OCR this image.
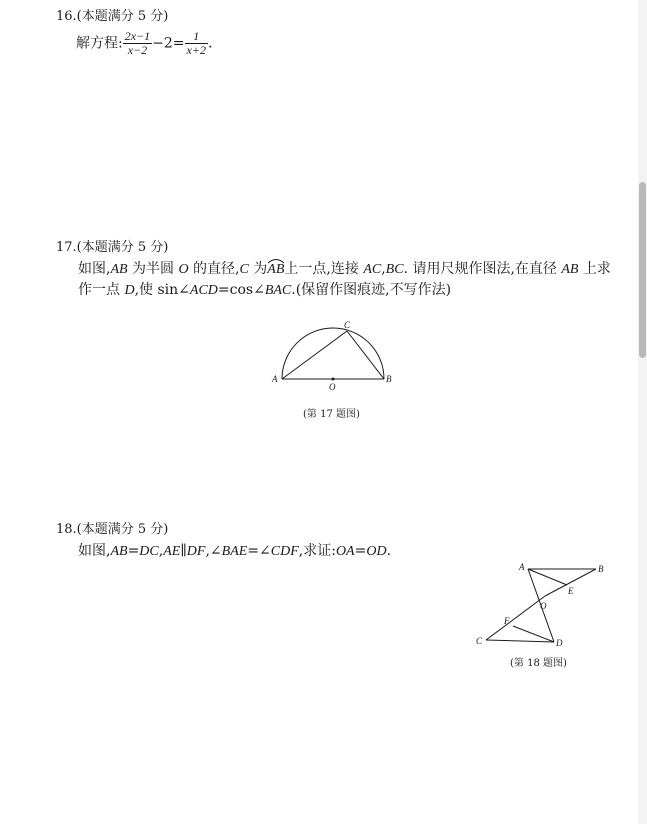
16.(本题满分 5 分)
解方程: $\frac{2x-1}{x-2} -2= \frac{1}{x+2}$ .
17.(本题满分 5 分)
如图,AB 为半圆 O 的直径,C 为
AB上一点,连接 AC,BC. 请用尺规作图法,在直径 AB 上求
作一点 D,使 sin∠ACD=cos∠BAC.(保留作图痕迹,不写作法)
A	B
C
O
(第 17 题图)
18.(本题满分 5 分)
如图,AB=DC,AE∥DF,∠BAE=∠CDF,求证:OA=OD.
A	B
E
O
F
C	D
(第 18 题图)
